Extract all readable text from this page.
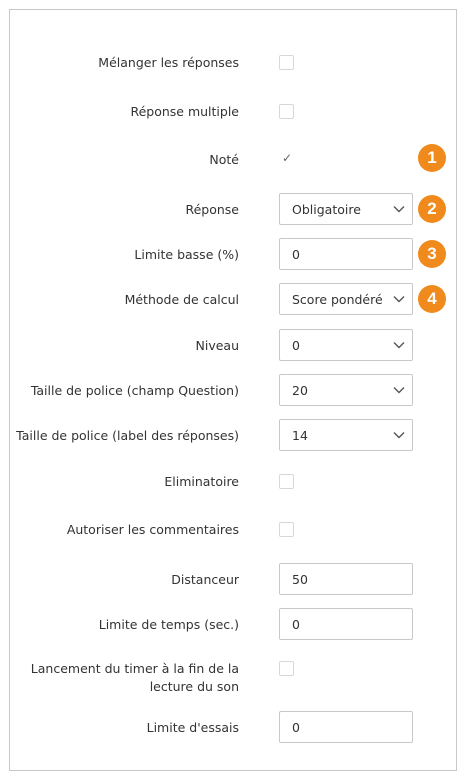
Mélanger les réponses
Réponse multiple
Noté	✓	1
Réponse	Obligatoire	2
Limite basse (%)	0	3
Méthode de calcul	Score pondéré	4
Niveau	0
Taille de police (champ Question)	20
Taille de police (label des réponses)	14
Eliminatoire
Autoriser les commentaires
Distanceur	50
Limite de temps (sec.)	0
Lancement du timer à la fin de la
lecture du son
Limite d'essais	0
